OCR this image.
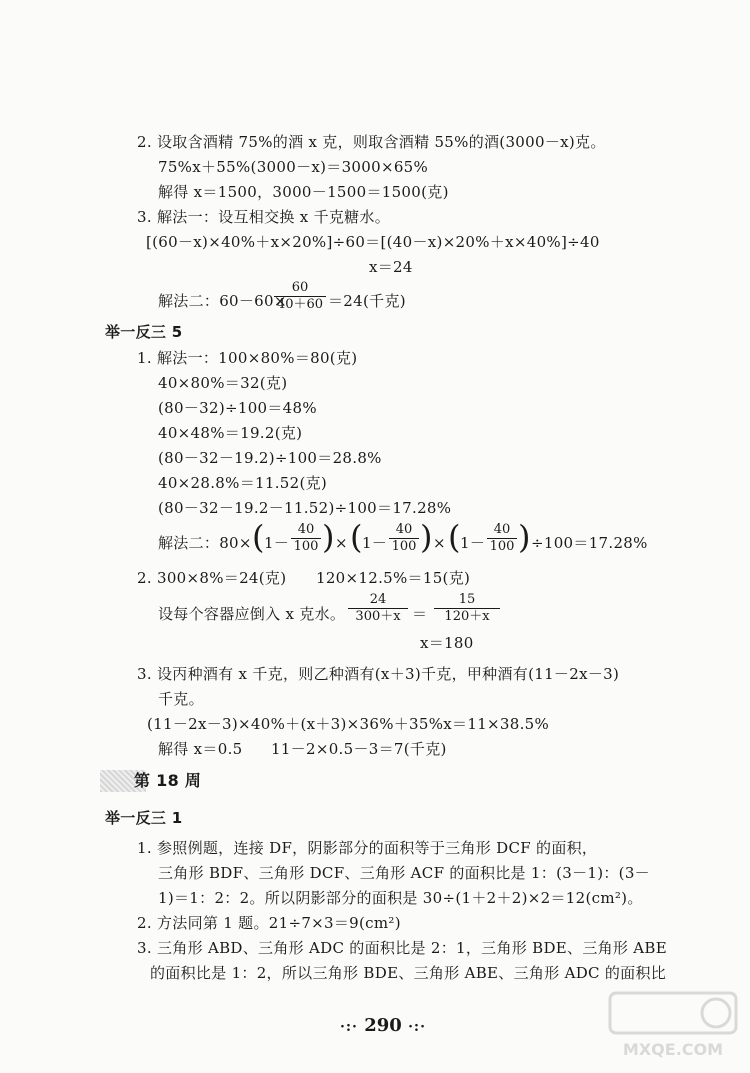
2. 设取含酒精 75%的酒 x 克，则取含酒精 55%的酒(3000－x)克。
75%x＋55%(3000－x)＝3000×65%
解得 x＝1500，3000－1500＝1500(克)
3. 解法一：设互相交换 x 千克糖水。
[(60－x)×40%＋x×20%]÷60＝[(40－x)×20%＋x×40%]÷40
x＝24
解法二：60－60×
$\frac{60}{40+60} =24$(千克)
举一反三 5
1. 解法一：100×80%＝80(克)
40×80%＝32(克)
(80－32)÷100＝48%
40×48%＝19.2(克)
(80－32－19.2)÷100＝28.8%
40×28.8%＝11.52(克)
(80－32－19.2－11.52)÷100＝17.28%
解法二：80× ( $1- \frac{40}{100}$ ) × ( $1- \frac{40}{100}$ ) × ( $1- \frac{40}{100}$ ) ÷100＝17.28%
2. 300×8%＝24(克) 120×12.5%＝15(克)
设每个容器应倒入 x 克水。 $\frac{24}{300+x} = \frac{15}{120+x}$
x＝180
3. 设丙种酒有 x 千克，则乙种酒有(x＋3)千克，甲种酒有(11－2x－3)
千克。
(11－2x－3)×40%＋(x＋3)×36%＋35%x＝11×38.5%
解得 x＝0.5 11－2×0.5－3＝7(千克)
第 18 周
举一反三 1
1. 参照例题，连接 DF，阴影部分的面积等于三角形 DCF 的面积，
三角形 BDF、三角形 DCF、三角形 ACF 的面积比是 1：(3－1)：(3－
1)＝1：2：2。所以阴影部分的面积是 30÷(1＋2＋2)×2＝12(cm²)。
2. 方法同第 1 题。21÷7×3＝9(cm²)
3. 三角形 ABD、三角形 ADC 的面积比是 2：1，三角形 BDE、三角形 ABE
的面积比是 1：2，所以三角形 BDE、三角形 ABE、三角形 ADC 的面积比
·:· 290 ·:·
MXQE.COM
